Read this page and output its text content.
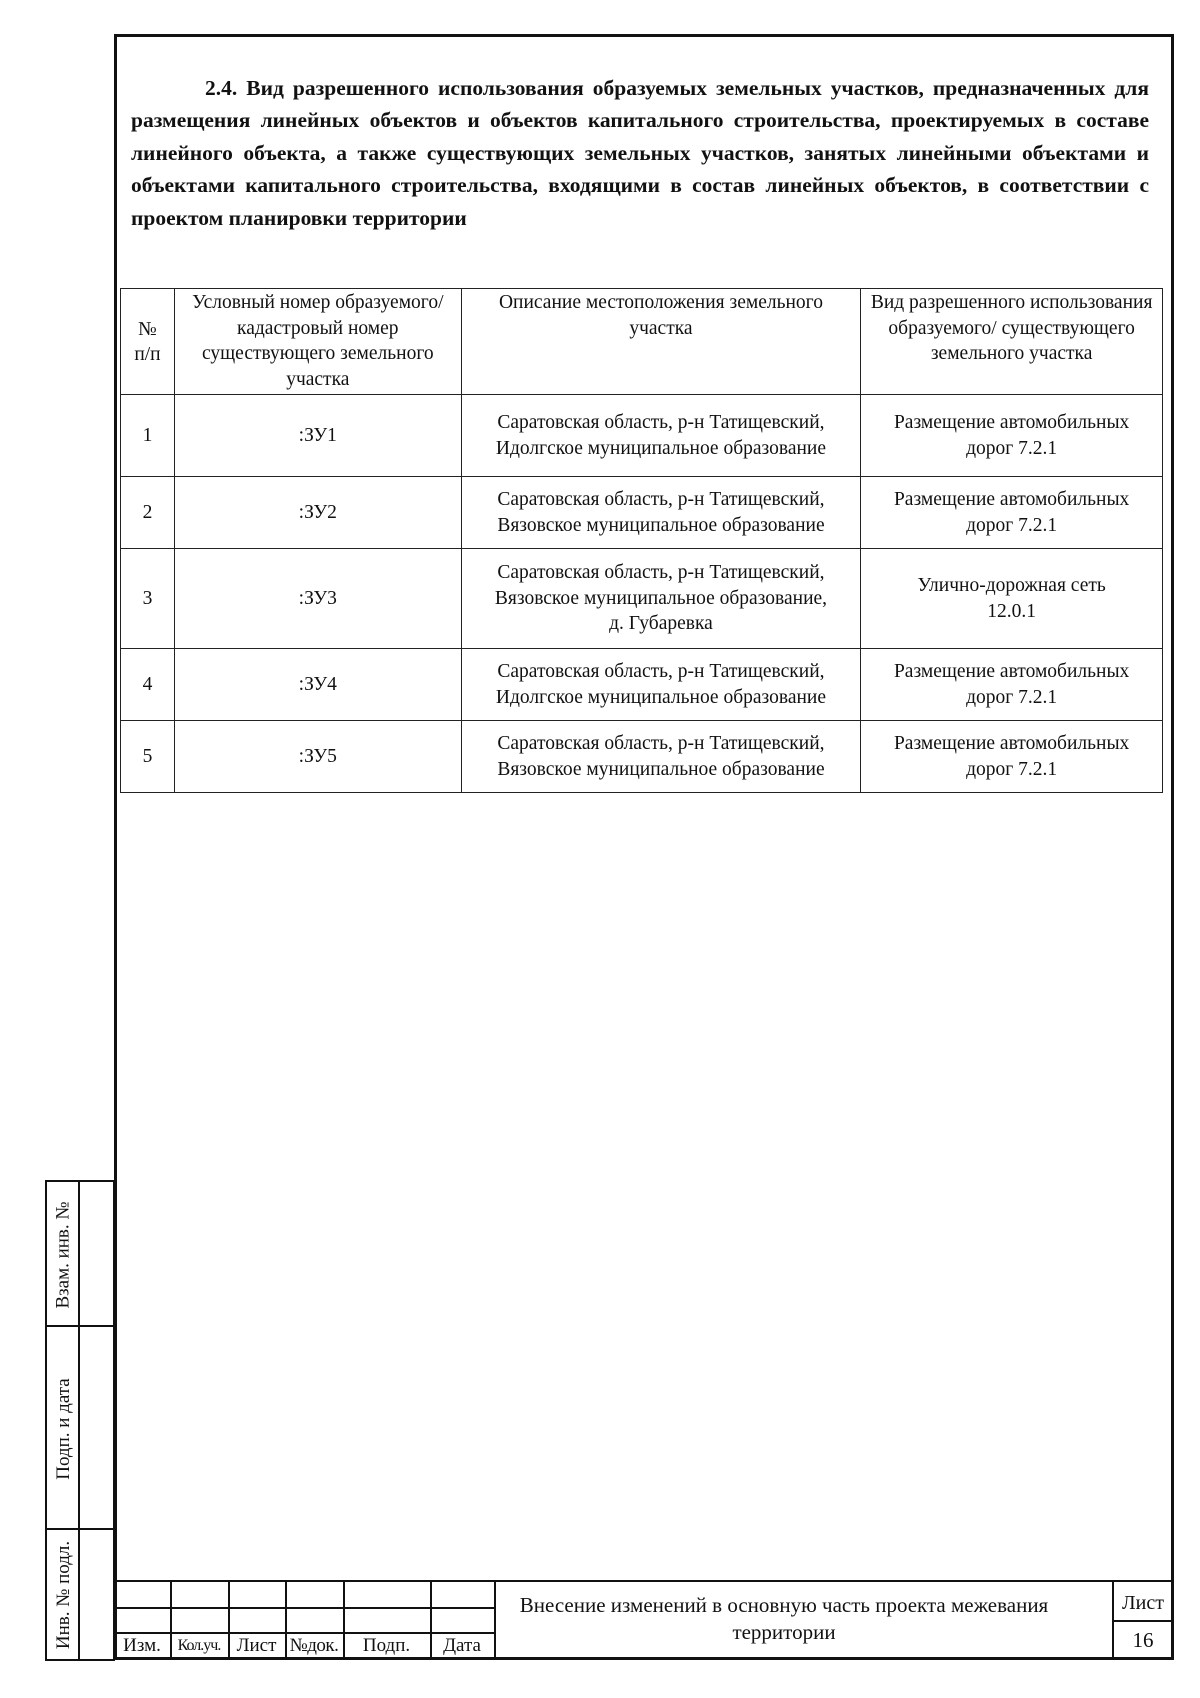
2.4. Вид разрешенного использования образуемых земельных участков, предназначенных для размещения линейных объектов и объектов капитального строительства, проектируемых в составе линейного объекта, а также существующих земельных участков, занятых линейными объектами и объектами капитального строительства, входящими в состав линейных объектов, в соответствии с проектом планировки территории

№ п/п	Условный номер образуемого/ кадастровый номер существующего земельного участка	Описание местоположения земельного участка	Вид разрешенного использования образуемого/ существующего земельного участка
1	:ЗУ1	Саратовская область, р-н Татищевский, Идолгское муниципальное образование	Размещение автомобильных дорог 7.2.1
2	:ЗУ2	Саратовская область, р-н Татищевский, Вязовское муниципальное образование	Размещение автомобильных дорог 7.2.1
3	:ЗУ3	Саратовская область, р-н Татищевский, Вязовское муниципальное образование, д. Губаревка	Улично-дорожная сеть 12.0.1
4	:ЗУ4	Саратовская область, р-н Татищевский, Идолгское муниципальное образование	Размещение автомобильных дорог 7.2.1
5	:ЗУ5	Саратовская область, р-н Татищевский, Вязовское муниципальное образование	Размещение автомобильных дорог 7.2.1
Взам. инв. №
Подп. и дата
Инв. № подл.	Изм.	Кол.уч. Лист №док.	Подп.	Дата
Внесение изменений в основную часть проекта межевания территории
Лист
16
